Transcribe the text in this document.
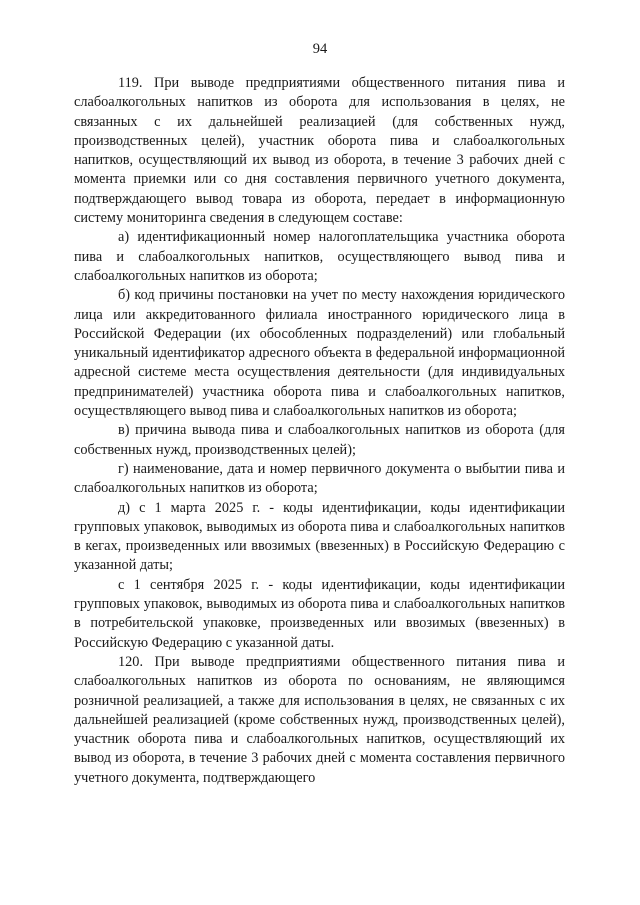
94

119. При выводе предприятиями общественного питания пива и слабоалкогольных напитков из оборота для использования в целях, не связанных с их дальнейшей реализацией (для собственных нужд, производственных целей), участник оборота пива и слабоалкогольных напитков, осуществляющий их вывод из оборота, в течение 3 рабочих дней с момента приемки или со дня составления первичного учетного документа, подтверждающего вывод товара из оборота, передает в информационную систему мониторинга сведения в следующем составе:

а) идентификационный номер налогоплательщика участника оборота пива и слабоалкогольных напитков, осуществляющего вывод пива и слабоалкогольных напитков из оборота;

б) код причины постановки на учет по месту нахождения юридического лица или аккредитованного филиала иностранного юридического лица в Российской Федерации (их обособленных подразделений) или глобальный уникальный идентификатор адресного объекта в федеральной информационной адресной системе места осуществления деятельности (для индивидуальных предпринимателей) участника оборота пива и слабоалкогольных напитков, осуществляющего вывод пива и слабоалкогольных напитков из оборота;

в) причина вывода пива и слабоалкогольных напитков из оборота (для собственных нужд, производственных целей);

г) наименование, дата и номер первичного документа о выбытии пива и слабоалкогольных напитков из оборота;

д) с 1 марта 2025 г. - коды идентификации, коды идентификации групповых упаковок, выводимых из оборота пива и слабоалкогольных напитков в кегах, произведенных или ввозимых (ввезенных) в Российскую Федерацию с указанной даты;

с 1 сентября 2025 г. - коды идентификации, коды идентификации групповых упаковок, выводимых из оборота пива и слабоалкогольных напитков в потребительской упаковке, произведенных или ввозимых (ввезенных) в Российскую Федерацию с указанной даты.

120. При выводе предприятиями общественного питания пива и слабоалкогольных напитков из оборота по основаниям, не являющимся розничной реализацией, а также для использования в целях, не связанных с их дальнейшей реализацией (кроме собственных нужд, производственных целей), участник оборота пива и слабоалкогольных напитков, осуществляющий их вывод из оборота, в течение 3 рабочих дней с момента составления первичного учетного документа, подтверждающего
